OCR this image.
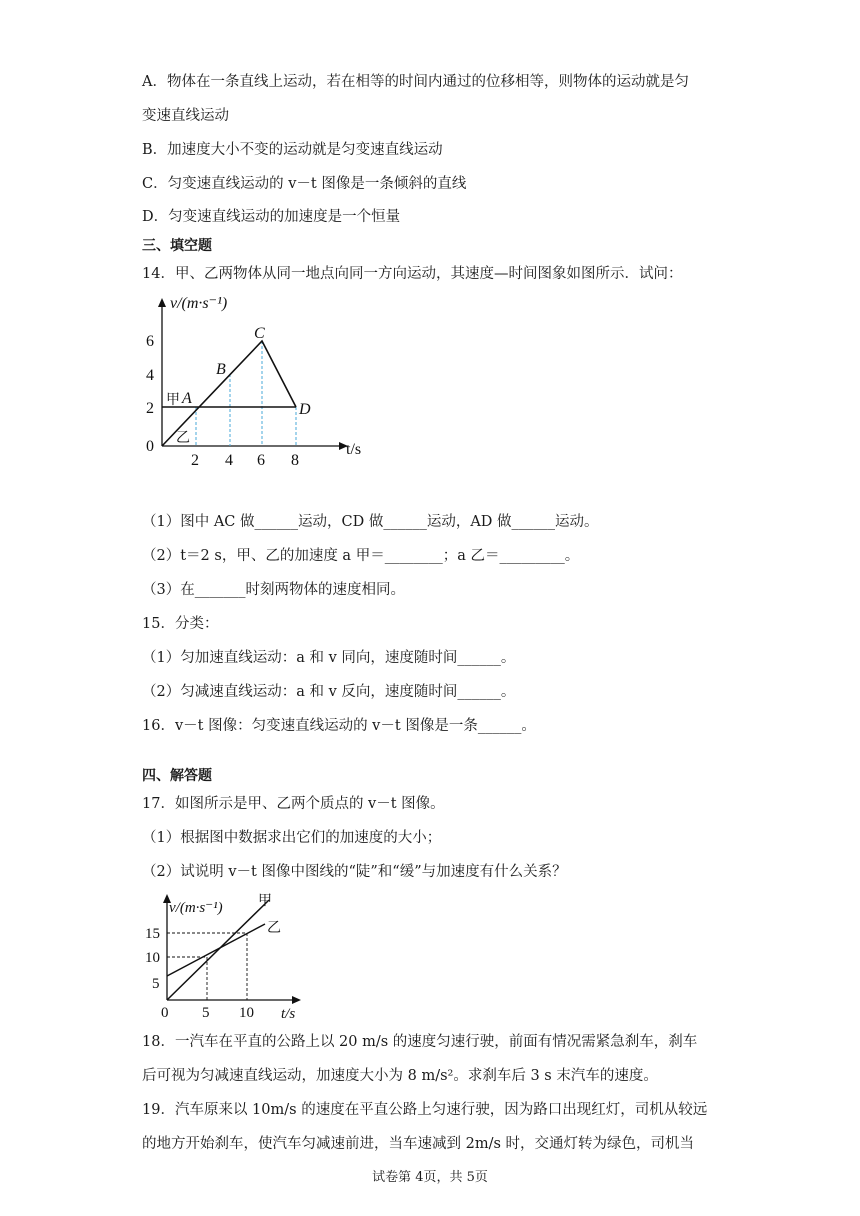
A．物体在一条直线上运动，若在相等的时间内通过的位移相等，则物体的运动就是匀
变速直线运动
B．加速度大小不变的运动就是匀变速直线运动
C．匀变速直线运动的 v－t 图像是一条倾斜的直线
D．匀变速直线运动的加速度是一个恒量
三、填空题
14．甲、乙两物体从同一地点向同一方向运动，其速度—时间图象如图所示．试问：
v/(m·s⁻¹)
t/s
6
4
2
0
2 4 6 8
A
B
C
D
甲
乙
（1）图中 AC 做______运动，CD 做______运动，AD 做______运动。
（2）t＝2 s，甲、乙的加速度 a 甲＝________；a 乙＝_________。
（3）在_______时刻两物体的速度相同。
15．分类：
（1）匀加速直线运动：a 和 v 同向，速度随时间______。
（2）匀减速直线运动：a 和 v 反向，速度随时间______。
16．v－t 图像：匀变速直线运动的 v－t 图像是一条______。
四、解答题
17．如图所示是甲、乙两个质点的 v－t 图像。
（1）根据图中数据求出它们的加速度的大小；
（2）试说明 v－t 图像中图线的“陡”和“缓”与加速度有什么关系？
v/(m·s⁻¹)
t/s
15
10
5
0 5 10
甲
乙
18．一汽车在平直的公路上以 20 m/s 的速度匀速行驶，前面有情况需紧急刹车，刹车
后可视为匀减速直线运动，加速度大小为 8 m/s²。求刹车后 3 s 末汽车的速度。
19．汽车原来以 10m/s 的速度在平直公路上匀速行驶，因为路口出现红灯，司机从较远
的地方开始刹车，使汽车匀减速前进，当车速减到 2m/s 时，交通灯转为绿色，司机当
试卷第 4页，共 5页
